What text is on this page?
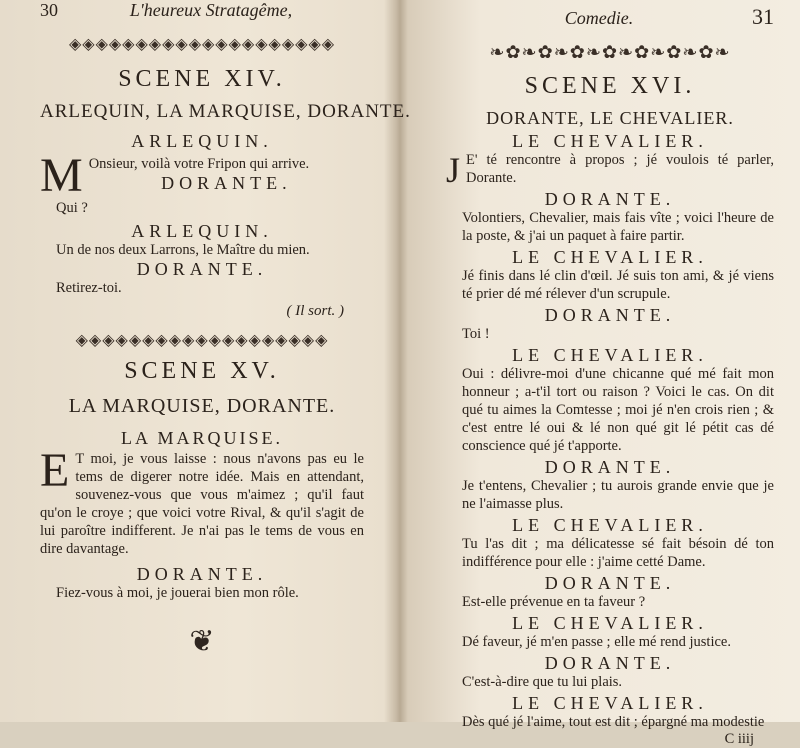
30	L'heureux Stratagême,
◈◈◈◈◈◈◈◈◈◈◈◈◈◈◈◈◈◈◈◈

SCENE XIV.

ARLEQUIN, LA MARQUISE, DORANTE.

ARLEQUIN.

M Onsieur, voilà votre Fripon qui arrive.

DORANTE.

Qui ?

ARLEQUIN.

Un de nos deux Larrons, le Maître du mien.

DORANTE.

Retirez-toi.

( Il sort. )

◈◈◈◈◈◈◈◈◈◈◈◈◈◈◈◈◈◈◈

SCENE XV.

LA MARQUISE, DORANTE.

LA MARQUISE.

E T moi, je vous laisse : nous n'avons pas eu le tems de digerer notre idée. Mais en attendant, souvenez-vous que vous m'aimez ; qu'il faut qu'on le croye ; que voici votre Rival, & qu'il s'agit de lui paroître indifferent. Je n'ai pas le tems de vous en dire davantage.

DORANTE.

Fiez-vous à moi, je jouerai bien mon rôle.

❦
Comedie.	31
❧✿❧✿❧✿❧✿❧✿❧✿❧✿❧

SCENE XVI.

DORANTE, LE CHEVALIER.

LE CHEVALIER.

J E' té rencontre à propos ; jé voulois té parler, Dorante.

DORANTE.

Volontiers, Chevalier, mais fais vîte ; voici l'heure de la poste, & j'ai un paquet à faire partir.

LE CHEVALIER.

Jé finis dans lé clin d'œil. Jé suis ton ami, & jé viens té prier dé mé rélever d'un scrupule.

DORANTE.

Toi !

LE CHEVALIER.

Oui : délivre-moi d'une chicanne qué mé fait mon honneur ; a-t'il tort ou raison ? Voici le cas. On dit qué tu aimes la Comtesse ; moi jé n'en crois rien ; & c'est entre lé oui & lé non qué git lé pétit cas dé conscience qué jé t'apporte.

DORANTE.

Je t'entens, Chevalier ; tu aurois grande envie que je ne l'aimasse plus.

LE CHEVALIER.

Tu l'as dit ; ma délicatesse sé fait bésoin dé ton indifférence pour elle : j'aime cetté Dame.

DORANTE.

Est-elle prévenue en ta faveur ?

LE CHEVALIER.

Dé faveur, jé m'en passe ; elle mé rend justice.

DORANTE.

C'est-à-dire que tu lui plais.

LE CHEVALIER.

Dès qué jé l'aime, tout est dit ; épargné ma modestie

C iiij
